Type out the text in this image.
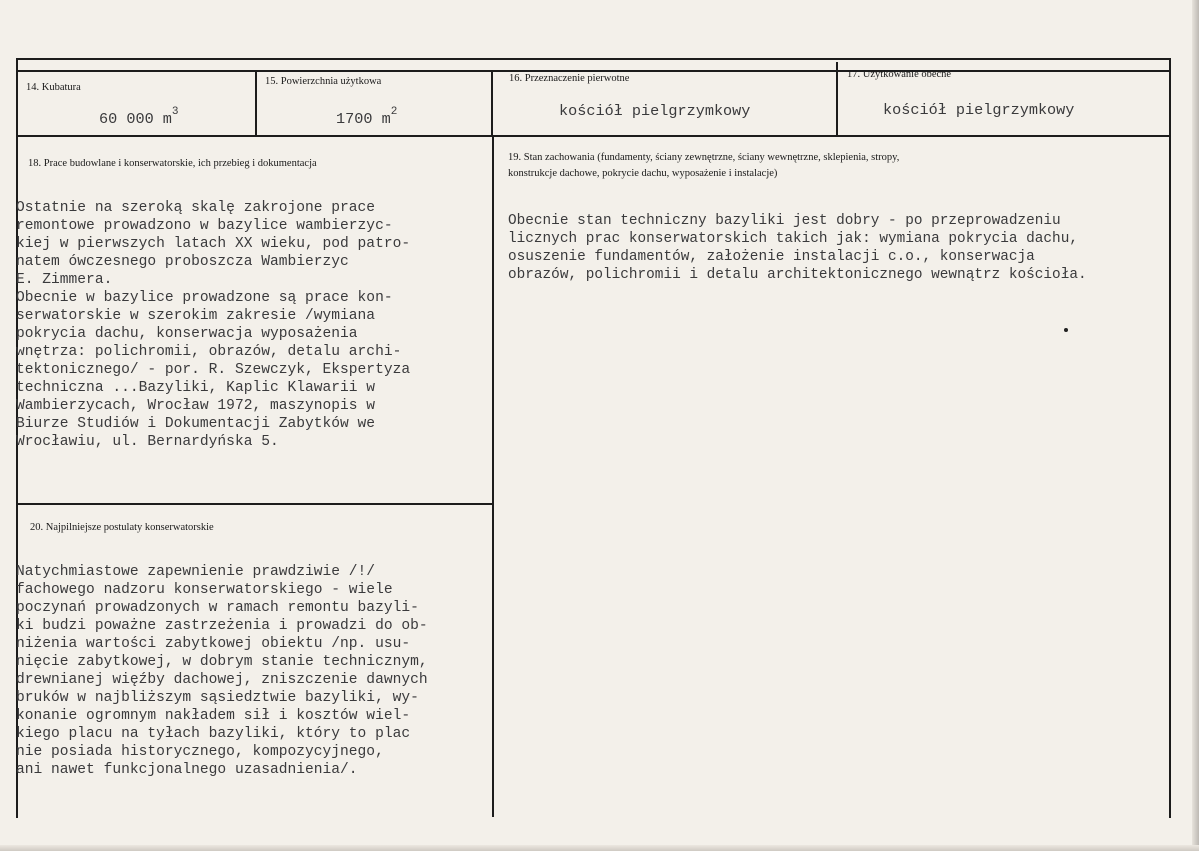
14. Kubatura
60 000 $m^3$
15. Powierzchnia użytkowa
1700 $m^2$
16. Przeznaczenie pierwotne
kościół pielgrzymkowy
17. Użytkowanie obecne
kościół pielgrzymkowy
18. Prace budowlane i konserwatorskie, ich przebieg i dokumentacja
Ostatnie na szeroką skalę zakrojone prace
remontowe prowadzono w bazylice wambierzyc-
kiej w pierwszych latach XX wieku, pod patro-
natem ówczesnego proboszcza Wambierzyc
E. Zimmera.
Obecnie w bazylice prowadzone są prace kon-
serwatorskie w szerokim zakresie /wymiana
pokrycia dachu, konserwacja wyposażenia
wnętrza: polichromii, obrazów, detalu archi-
tektonicznego/ - por. R. Szewczyk, Ekspertyza
techniczna ...Bazyliki, Kaplic Klawarii w
Wambierzycach, Wrocław 1972, maszynopis w
Biurze Studiów i Dokumentacji Zabytków we
Wrocławiu, ul. Bernardyńska 5.
19. Stan zachowania (fundamenty, ściany zewnętrzne, ściany wewnętrzne, sklepienia, stropy,
konstrukcje dachowe, pokrycie dachu, wyposażenie i instalacje)
Obecnie stan techniczny bazyliki jest dobry - po przeprowadzeniu
licznych prac konserwatorskich takich jak: wymiana pokrycia dachu,
osuszenie fundamentów, założenie instalacji c.o., konserwacja
obrazów, polichromii i detalu architektonicznego wewnątrz kościoła.
20. Najpilniejsze postulaty konserwatorskie
Natychmiastowe zapewnienie prawdziwie /!/
fachowego nadzoru konserwatorskiego - wiele
poczynań prowadzonych w ramach remontu bazyli-
ki budzi poważne zastrzeżenia i prowadzi do ob-
niżenia wartości zabytkowej obiektu /np. usu-
nięcie zabytkowej, w dobrym stanie technicznym,
drewnianej więźby dachowej, zniszczenie dawnych
bruków w najbliższym sąsiedztwie bazyliki, wy-
konanie ogromnym nakładem sił i kosztów wiel-
kiego placu na tyłach bazyliki, który to plac
nie posiada historycznego, kompozycyjnego,
ani nawet funkcjonalnego uzasadnienia/.
